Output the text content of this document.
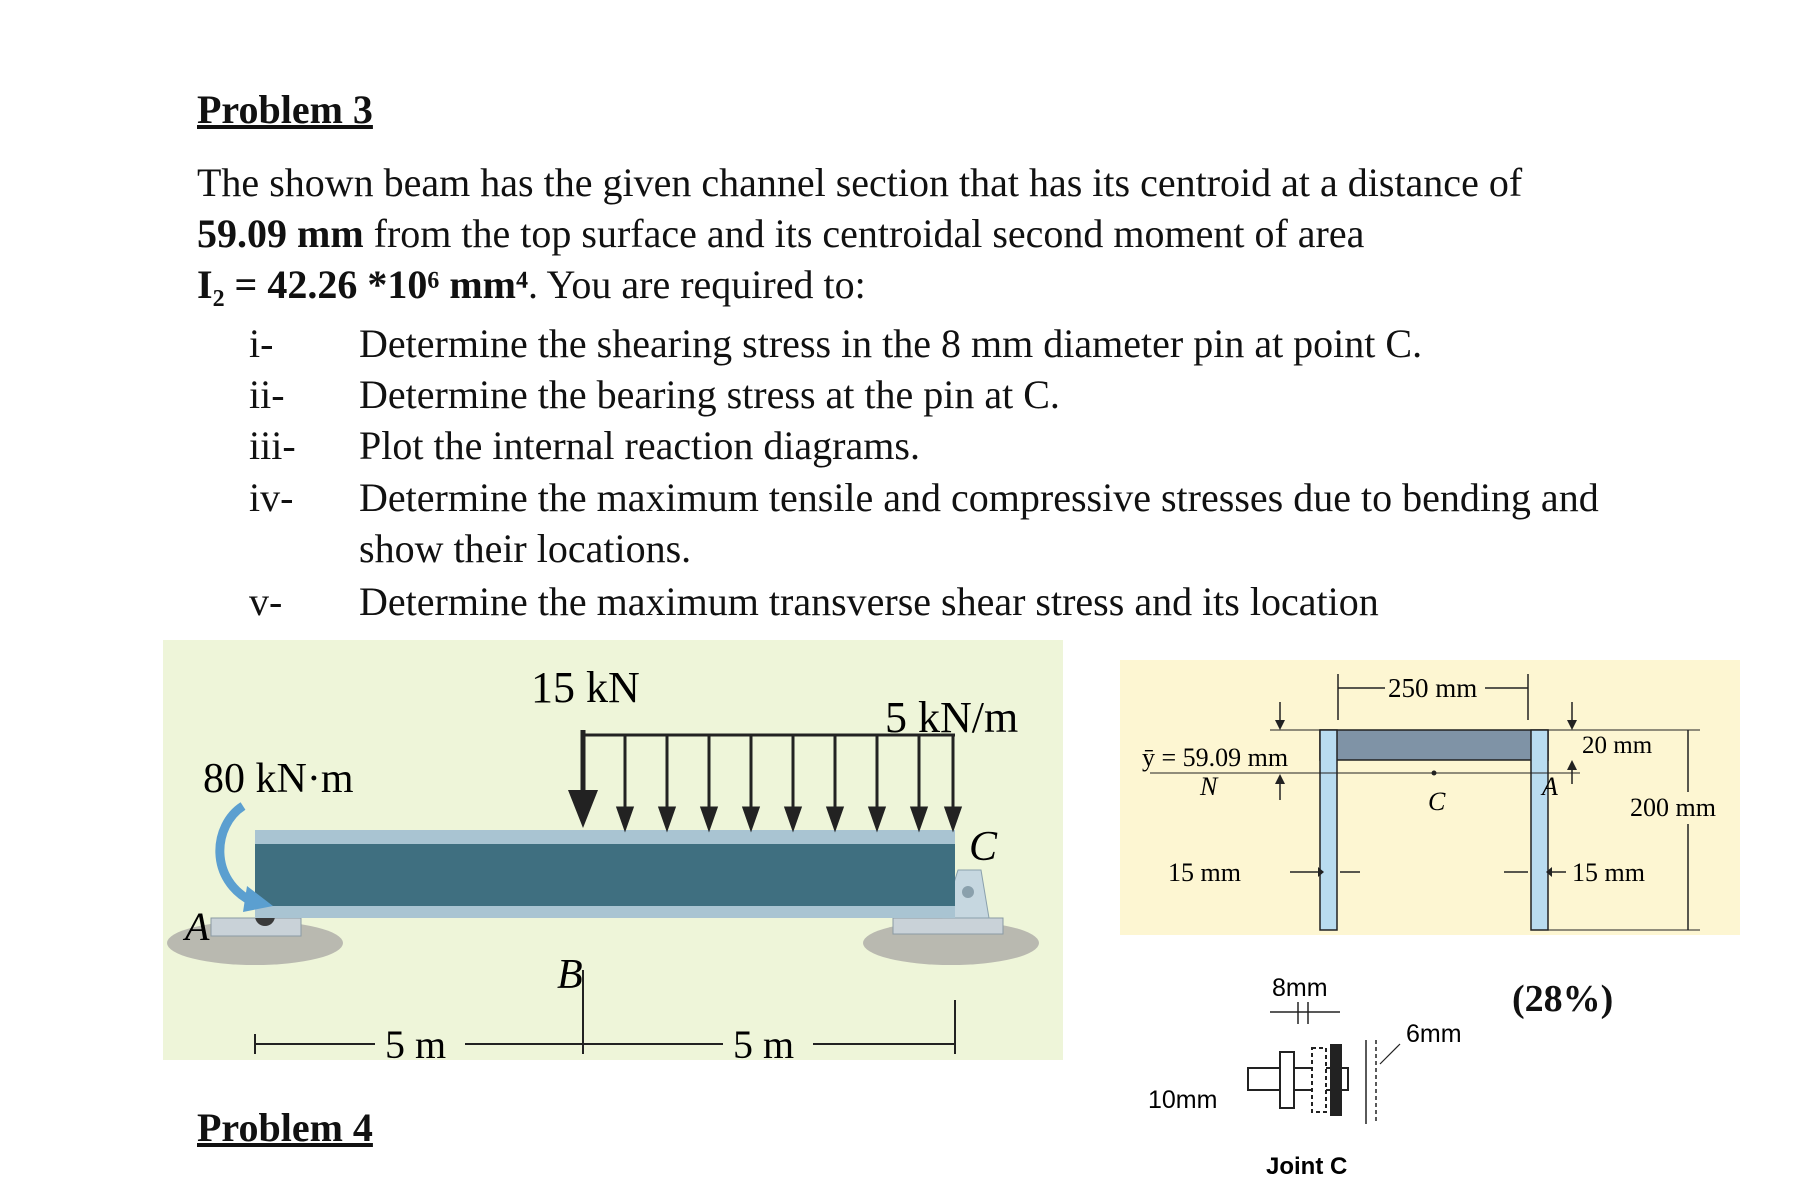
Problem 3
The shown beam has the given channel section that has its centroid at a distance of
59.09 mm from the top surface and its centroidal second moment of area
I₂ = 42.26 *10⁶ mm⁴. You are required to:
i- Determine the shearing stress in the 8 mm diameter pin at point C.
ii- Determine the bearing stress at the pin at C.
iii- Plot the internal reaction diagrams.
iv- Determine the maximum tensile and compressive stresses due to bending and
show their locations.
v- Determine the maximum transverse shear stress and its location
15 kN
5 kN/m
80 kN·m
A
B
C
5 m	5 m
250 mm
ȳ = 59.09 mm
N	A
C
20 mm
200 mm
15 mm	15 mm
8mm
6mm
10mm
Joint C
(28%)
Problem 4
